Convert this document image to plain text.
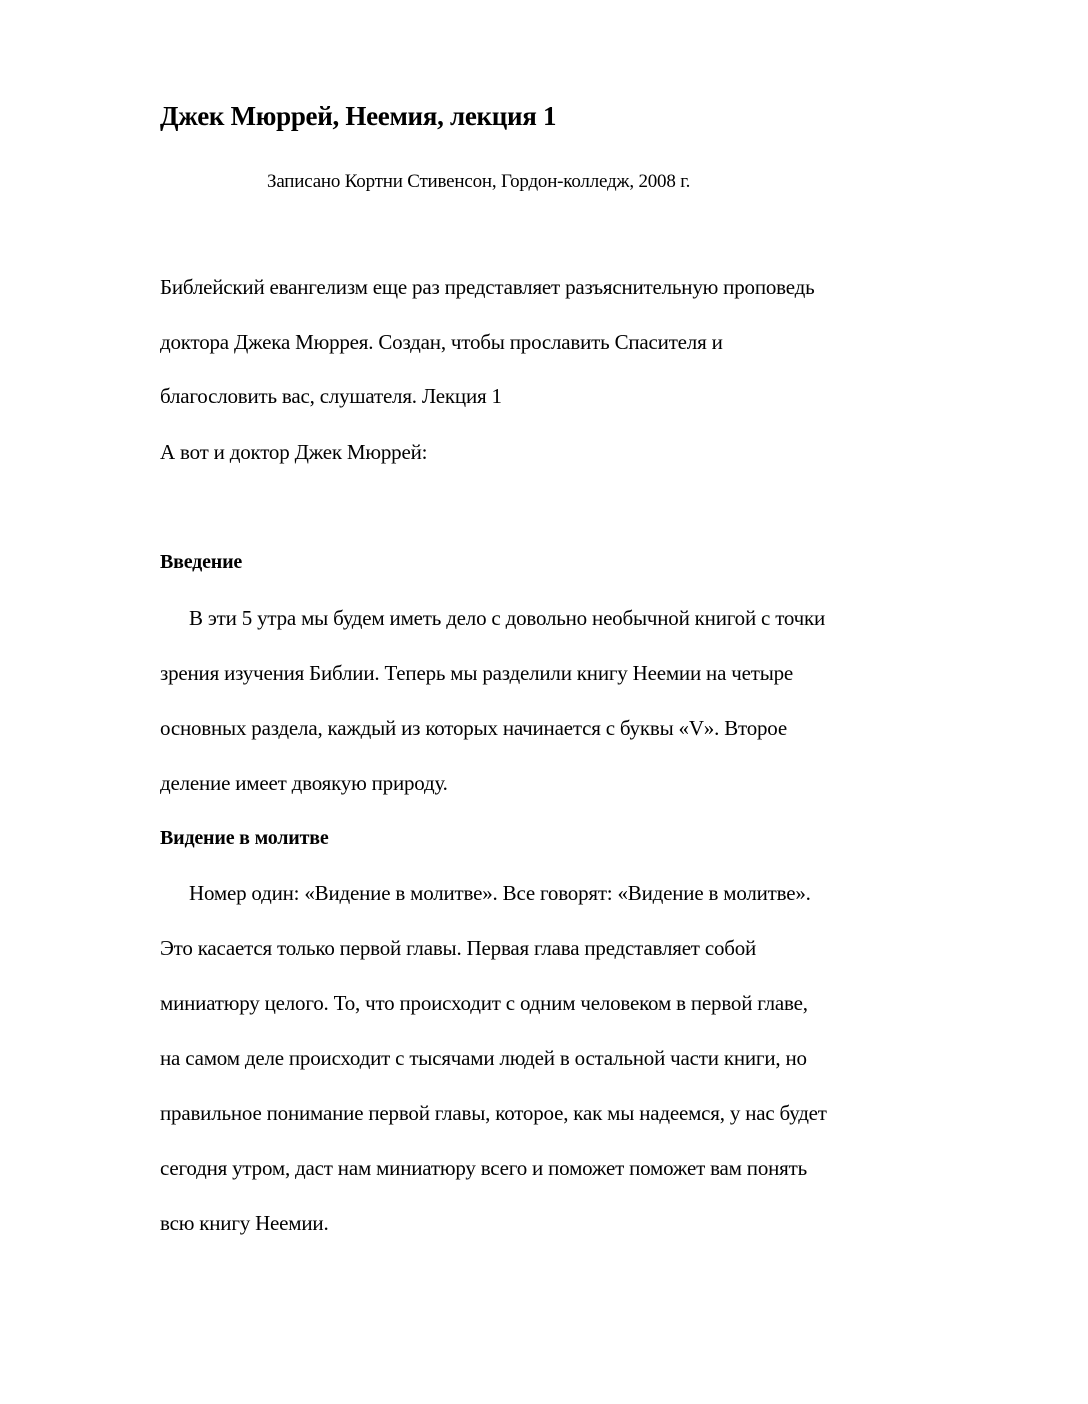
Джек Мюррей, Неемия, лекция 1
Записано Кортни Стивенсон, Гордон-колледж, 2008 г.
Библейский евангелизм еще раз представляет разъяснительную проповедь
доктора Джека Мюррея. Создан, чтобы прославить Спасителя и
благословить вас, слушателя. Лекция 1
А вот и доктор Джек Мюррей:
Введение
В эти 5 утра мы будем иметь дело с довольно необычной книгой с точки
зрения изучения Библии. Теперь мы разделили книгу Неемии на четыре
основных раздела, каждый из которых начинается с буквы «V». Второе
деление имеет двоякую природу.
Видение в молитве
Номер один: «Видение в молитве». Все говорят: «Видение в молитве».
Это касается только первой главы. Первая глава представляет собой
миниатюру целого. То, что происходит с одним человеком в первой главе,
на самом деле происходит с тысячами людей в остальной части книги, но
правильное понимание первой главы, которое, как мы надеемся, у нас будет
сегодня утром, даст нам миниатюру всего и поможет поможет вам понять
всю книгу Неемии.
